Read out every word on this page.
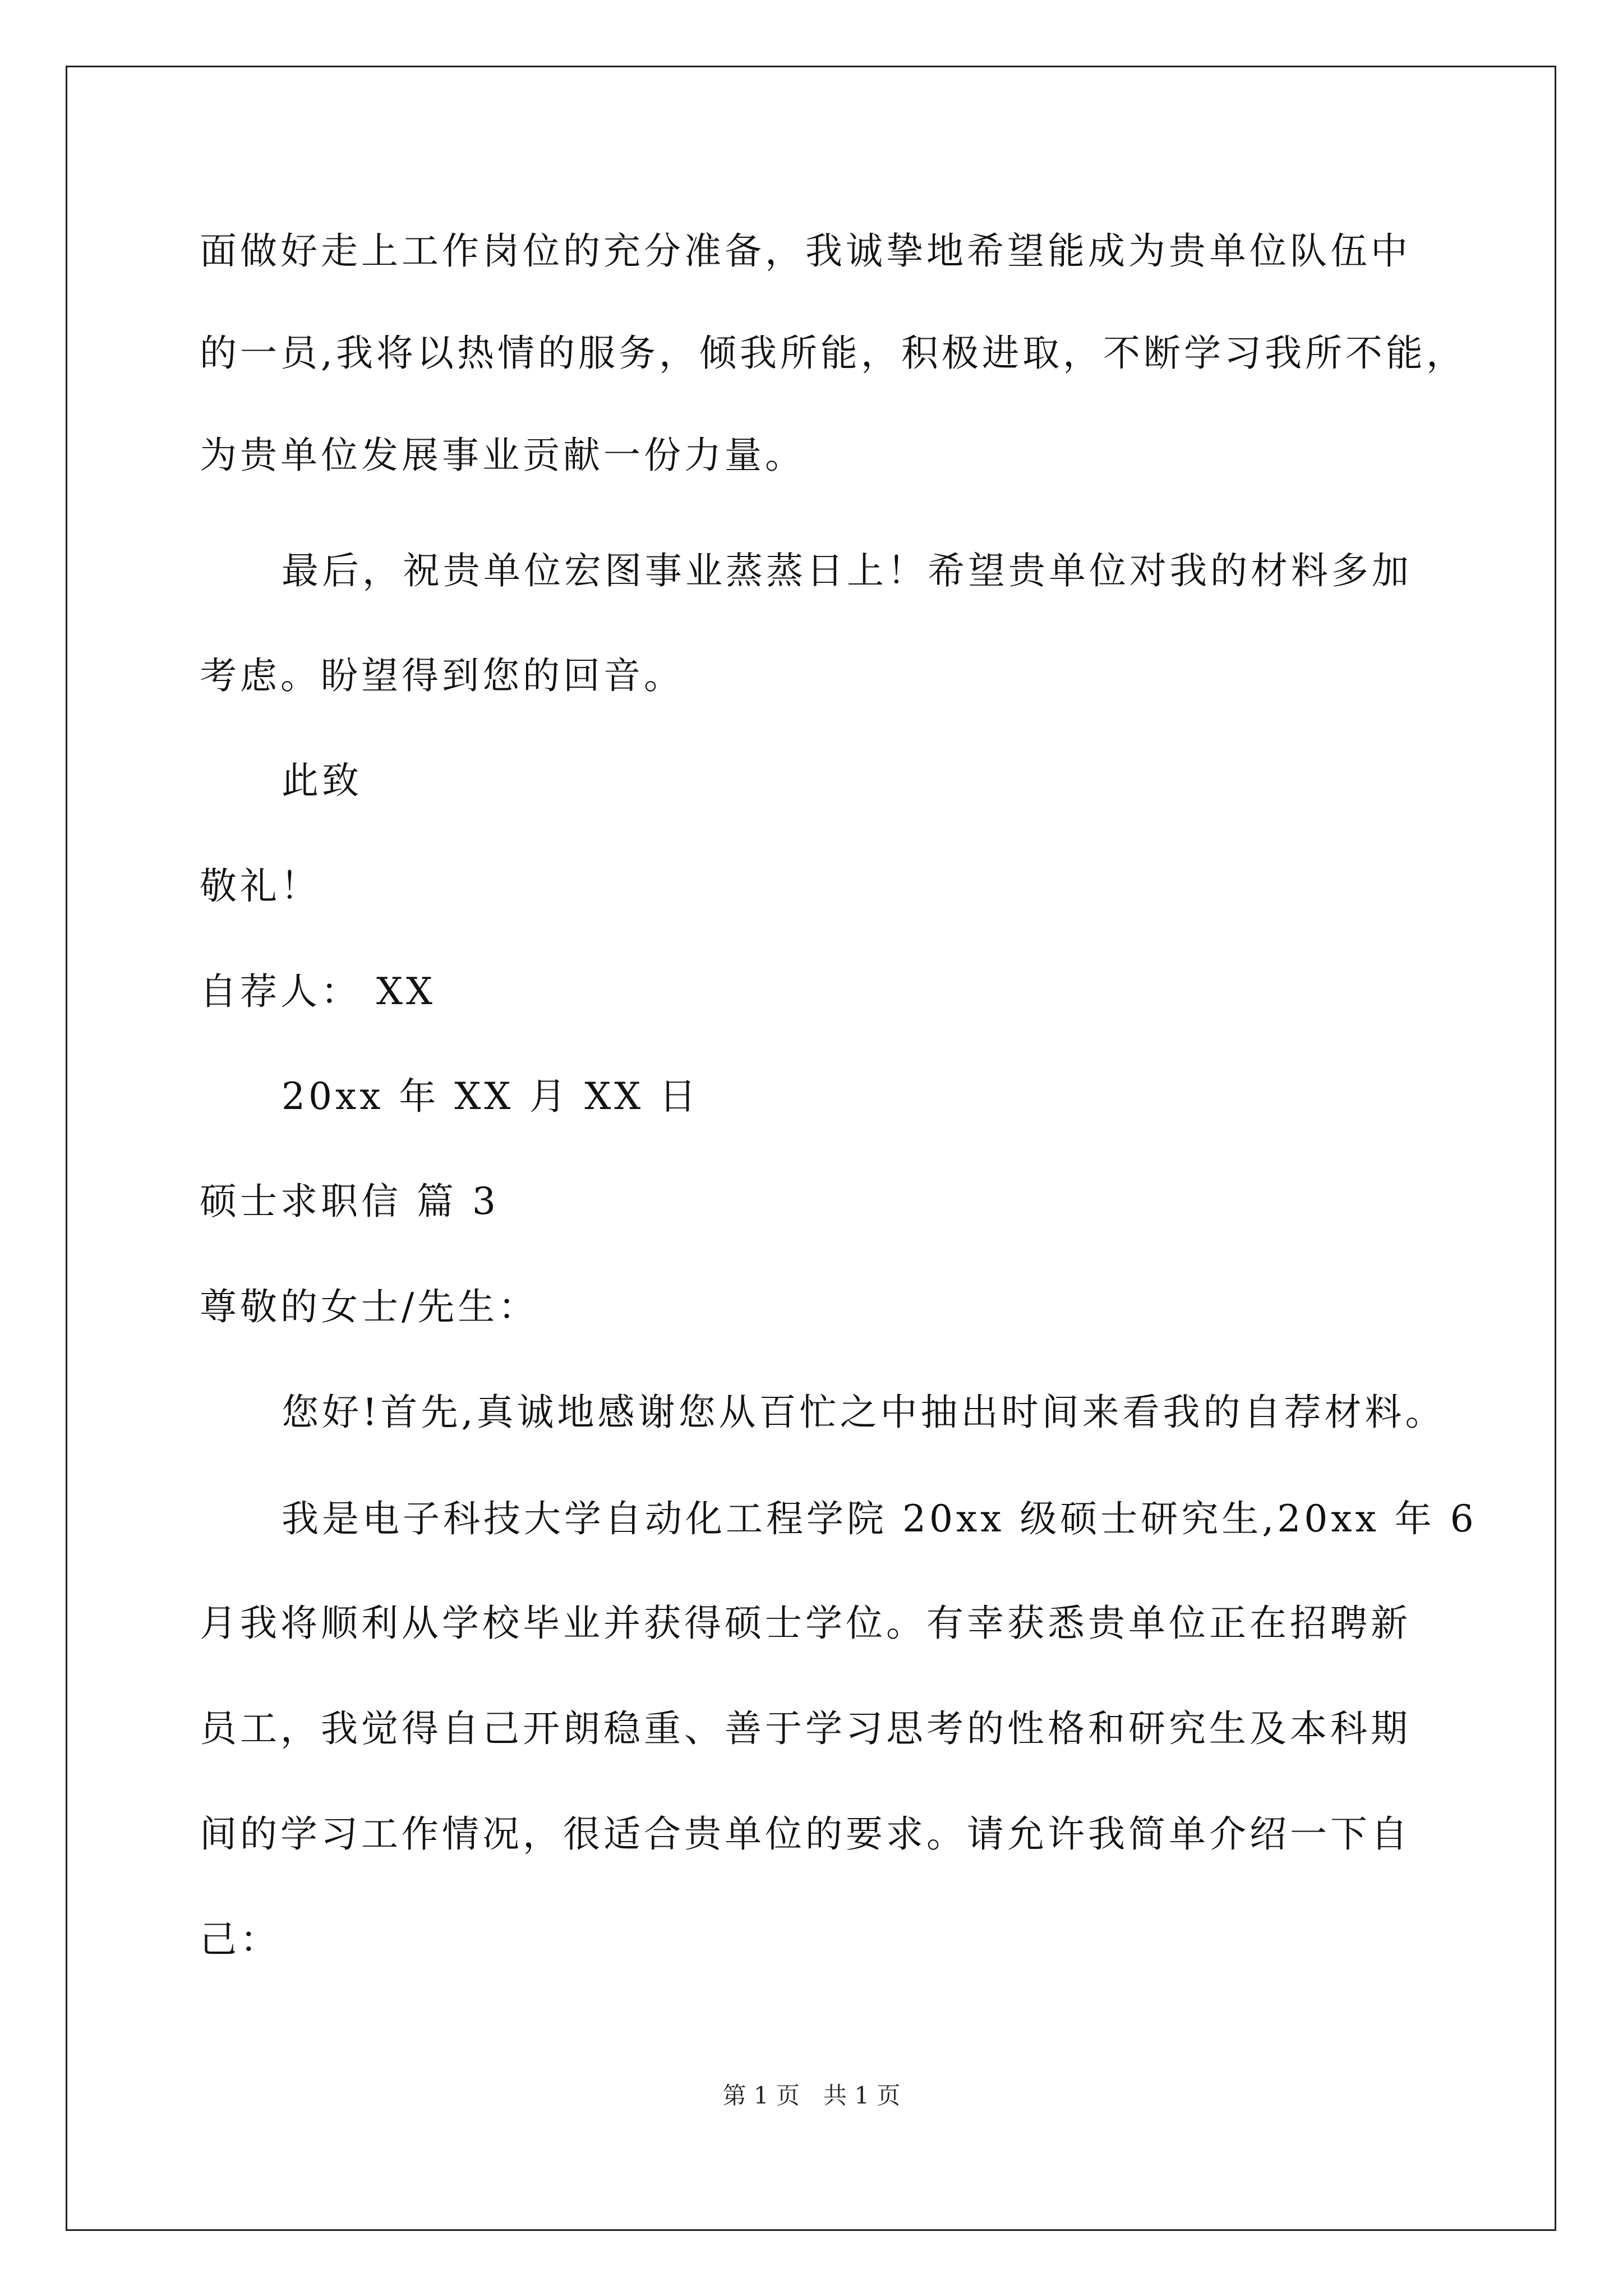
面做好走上工作岗位的充分准备，我诚挚地希望能成为贵单位队伍中
的一员,我将以热情的服务，倾我所能，积极进取，不断学习我所不能，
为贵单位发展事业贡献一份力量。
最后，祝贵单位宏图事业蒸蒸日上！希望贵单位对我的材料多加
考虑。盼望得到您的回音。
此致
敬礼！
自荐人： XX
20xx 年 XX 月 XX 日
硕士求职信 篇 3
尊敬的女士/先生：
您好!首先,真诚地感谢您从百忙之中抽出时间来看我的自荐材料。
我是电子科技大学自动化工程学院 20xx 级硕士研究生,20xx 年 6
月我将顺利从学校毕业并获得硕士学位。有幸获悉贵单位正在招聘新
员工，我觉得自己开朗稳重、善于学习思考的性格和研究生及本科期
间的学习工作情况，很适合贵单位的要求。请允许我简单介绍一下自
己：
第 1 页　共 1 页
